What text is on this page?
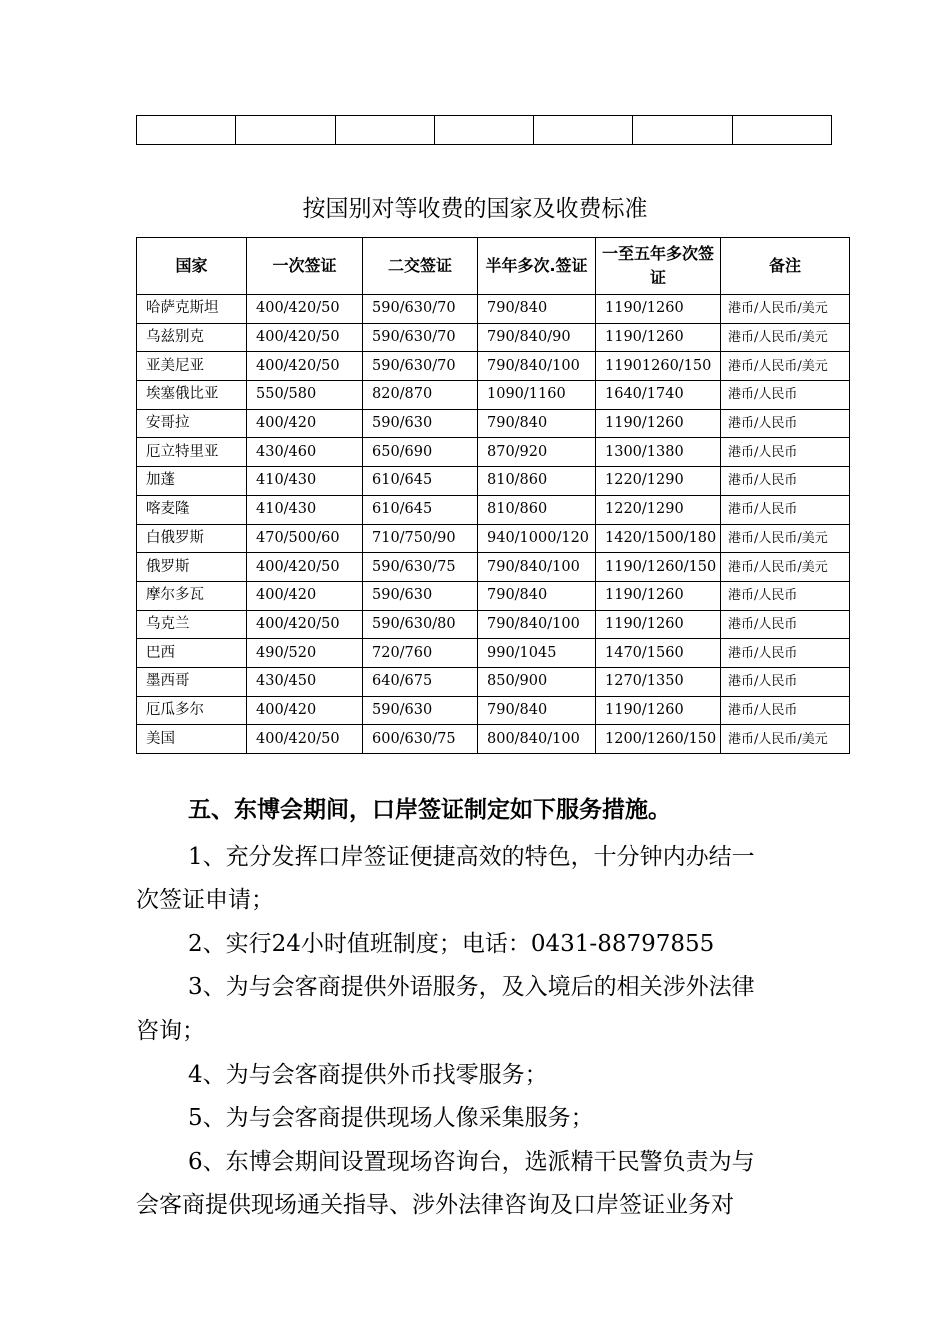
按国别对等收费的国家及收费标准
国家	一次签证	二交签证	半年多次.签证	一至五年多次签证	备注
哈萨克斯坦	400/420/50	590/630/70	790/840	1190/1260	港币/人民币/美元
乌兹别克	400/420/50	590/630/70	790/840/90	1190/1260	港币/人民币/美元
亚美尼亚	400/420/50	590/630/70	790/840/100	11901260/150	港币/人民币/美元
埃塞俄比亚	550/580	820/870	1090/1160	1640/1740	港币/人民币
安哥拉	400/420	590/630	790/840	1190/1260	港币/人民币
厄立特里亚	430/460	650/690	870/920	1300/1380	港币/人民币
加蓬	410/430	610/645	810/860	1220/1290	港币/人民币
喀麦隆	410/430	610/645	810/860	1220/1290	港币/人民币
白俄罗斯	470/500/60	710/750/90	940/1000/120	1420/1500/180	港币/人民币/美元
俄罗斯	400/420/50	590/630/75	790/840/100	1190/1260/150	港币/人民币/美元
摩尔多瓦	400/420	590/630	790/840	1190/1260	港币/人民币
乌克兰	400/420/50	590/630/80	790/840/100	1190/1260	港币/人民币
巴西	490/520	720/760	990/1045	1470/1560	港币/人民币
墨西哥	430/450	640/675	850/900	1270/1350	港币/人民币
厄瓜多尔	400/420	590/630	790/840	1190/1260	港币/人民币
美国	400/420/50	600/630/75	800/840/100	1200/1260/150	港币/人民币/美元
五、东博会期间，口岸签证制定如下服务措施。
1、充分发挥口岸签证便捷高效的特色，十分钟内办结一
次签证申请；
2、实行24小时值班制度；电话：0431-88797855
3、为与会客商提供外语服务，及入境后的相关涉外法律
咨询；
4、为与会客商提供外币找零服务；
5、为与会客商提供现场人像采集服务；
6、东博会期间设置现场咨询台，选派精干民警负责为与
会客商提供现场通关指导、涉外法律咨询及口岸签证业务对
